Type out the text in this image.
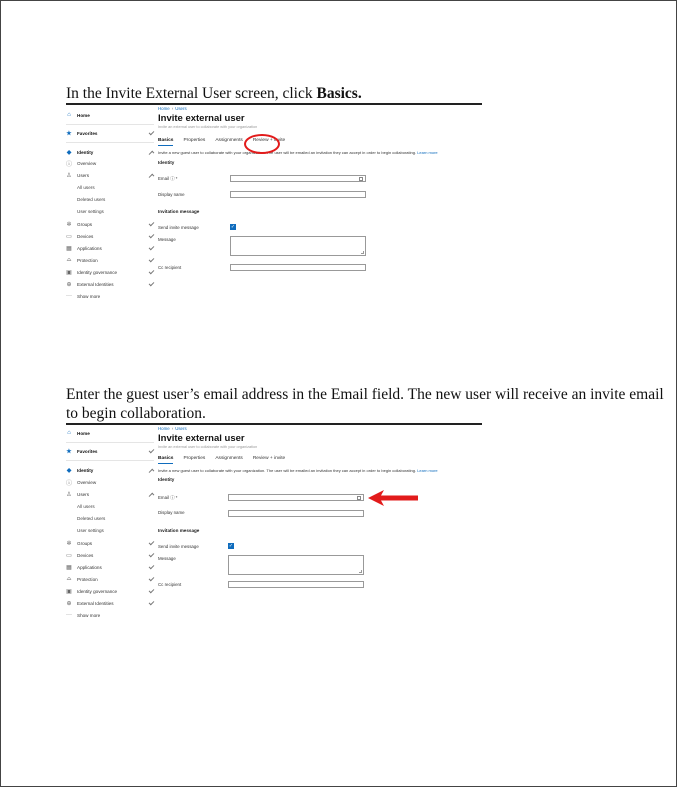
In the Invite External User screen, click Basics.
⌂ Home
★ Favorites
◆ Identity
ⓘ Overview
♙ Users
All users
Deleted users
User settings
✲ Groups
▭ Devices
▦ Applications
⌓ Protection
▣ Identity governance
⊕ External Identities
··· Show more
Home › Users
Invite external user
Invite an external user to collaborate with your organization
Basics Properties Assignments Review + invite
Invite a new guest user to collaborate with your organization. The user will be emailed an invitation they can accept in order to begin collaborating. Learn more
Identity
Email ⓘ *
Display name
Invitation message
Send invite message	✓
Message
Cc recipient
Enter the guest user’s email address in the Email field. The new user will receive an invite email
to begin collaboration.
⌂ Home
★ Favorites
◆ Identity
ⓘ Overview
♙ Users
All users
Deleted users
User settings
✲ Groups
▭ Devices
▦ Applications
⌓ Protection
▣ Identity governance
⊕ External Identities
··· Show more
Home › Users
Invite external user
Invite an external user to collaborate with your organization
Basics Properties Assignments Review + invite
Invite a new guest user to collaborate with your organization. The user will be emailed an invitation they can accept in order to begin collaborating. Learn more
Identity
Email ⓘ *
Display name
Invitation message
Send invite message	✓
Message
Cc recipient
